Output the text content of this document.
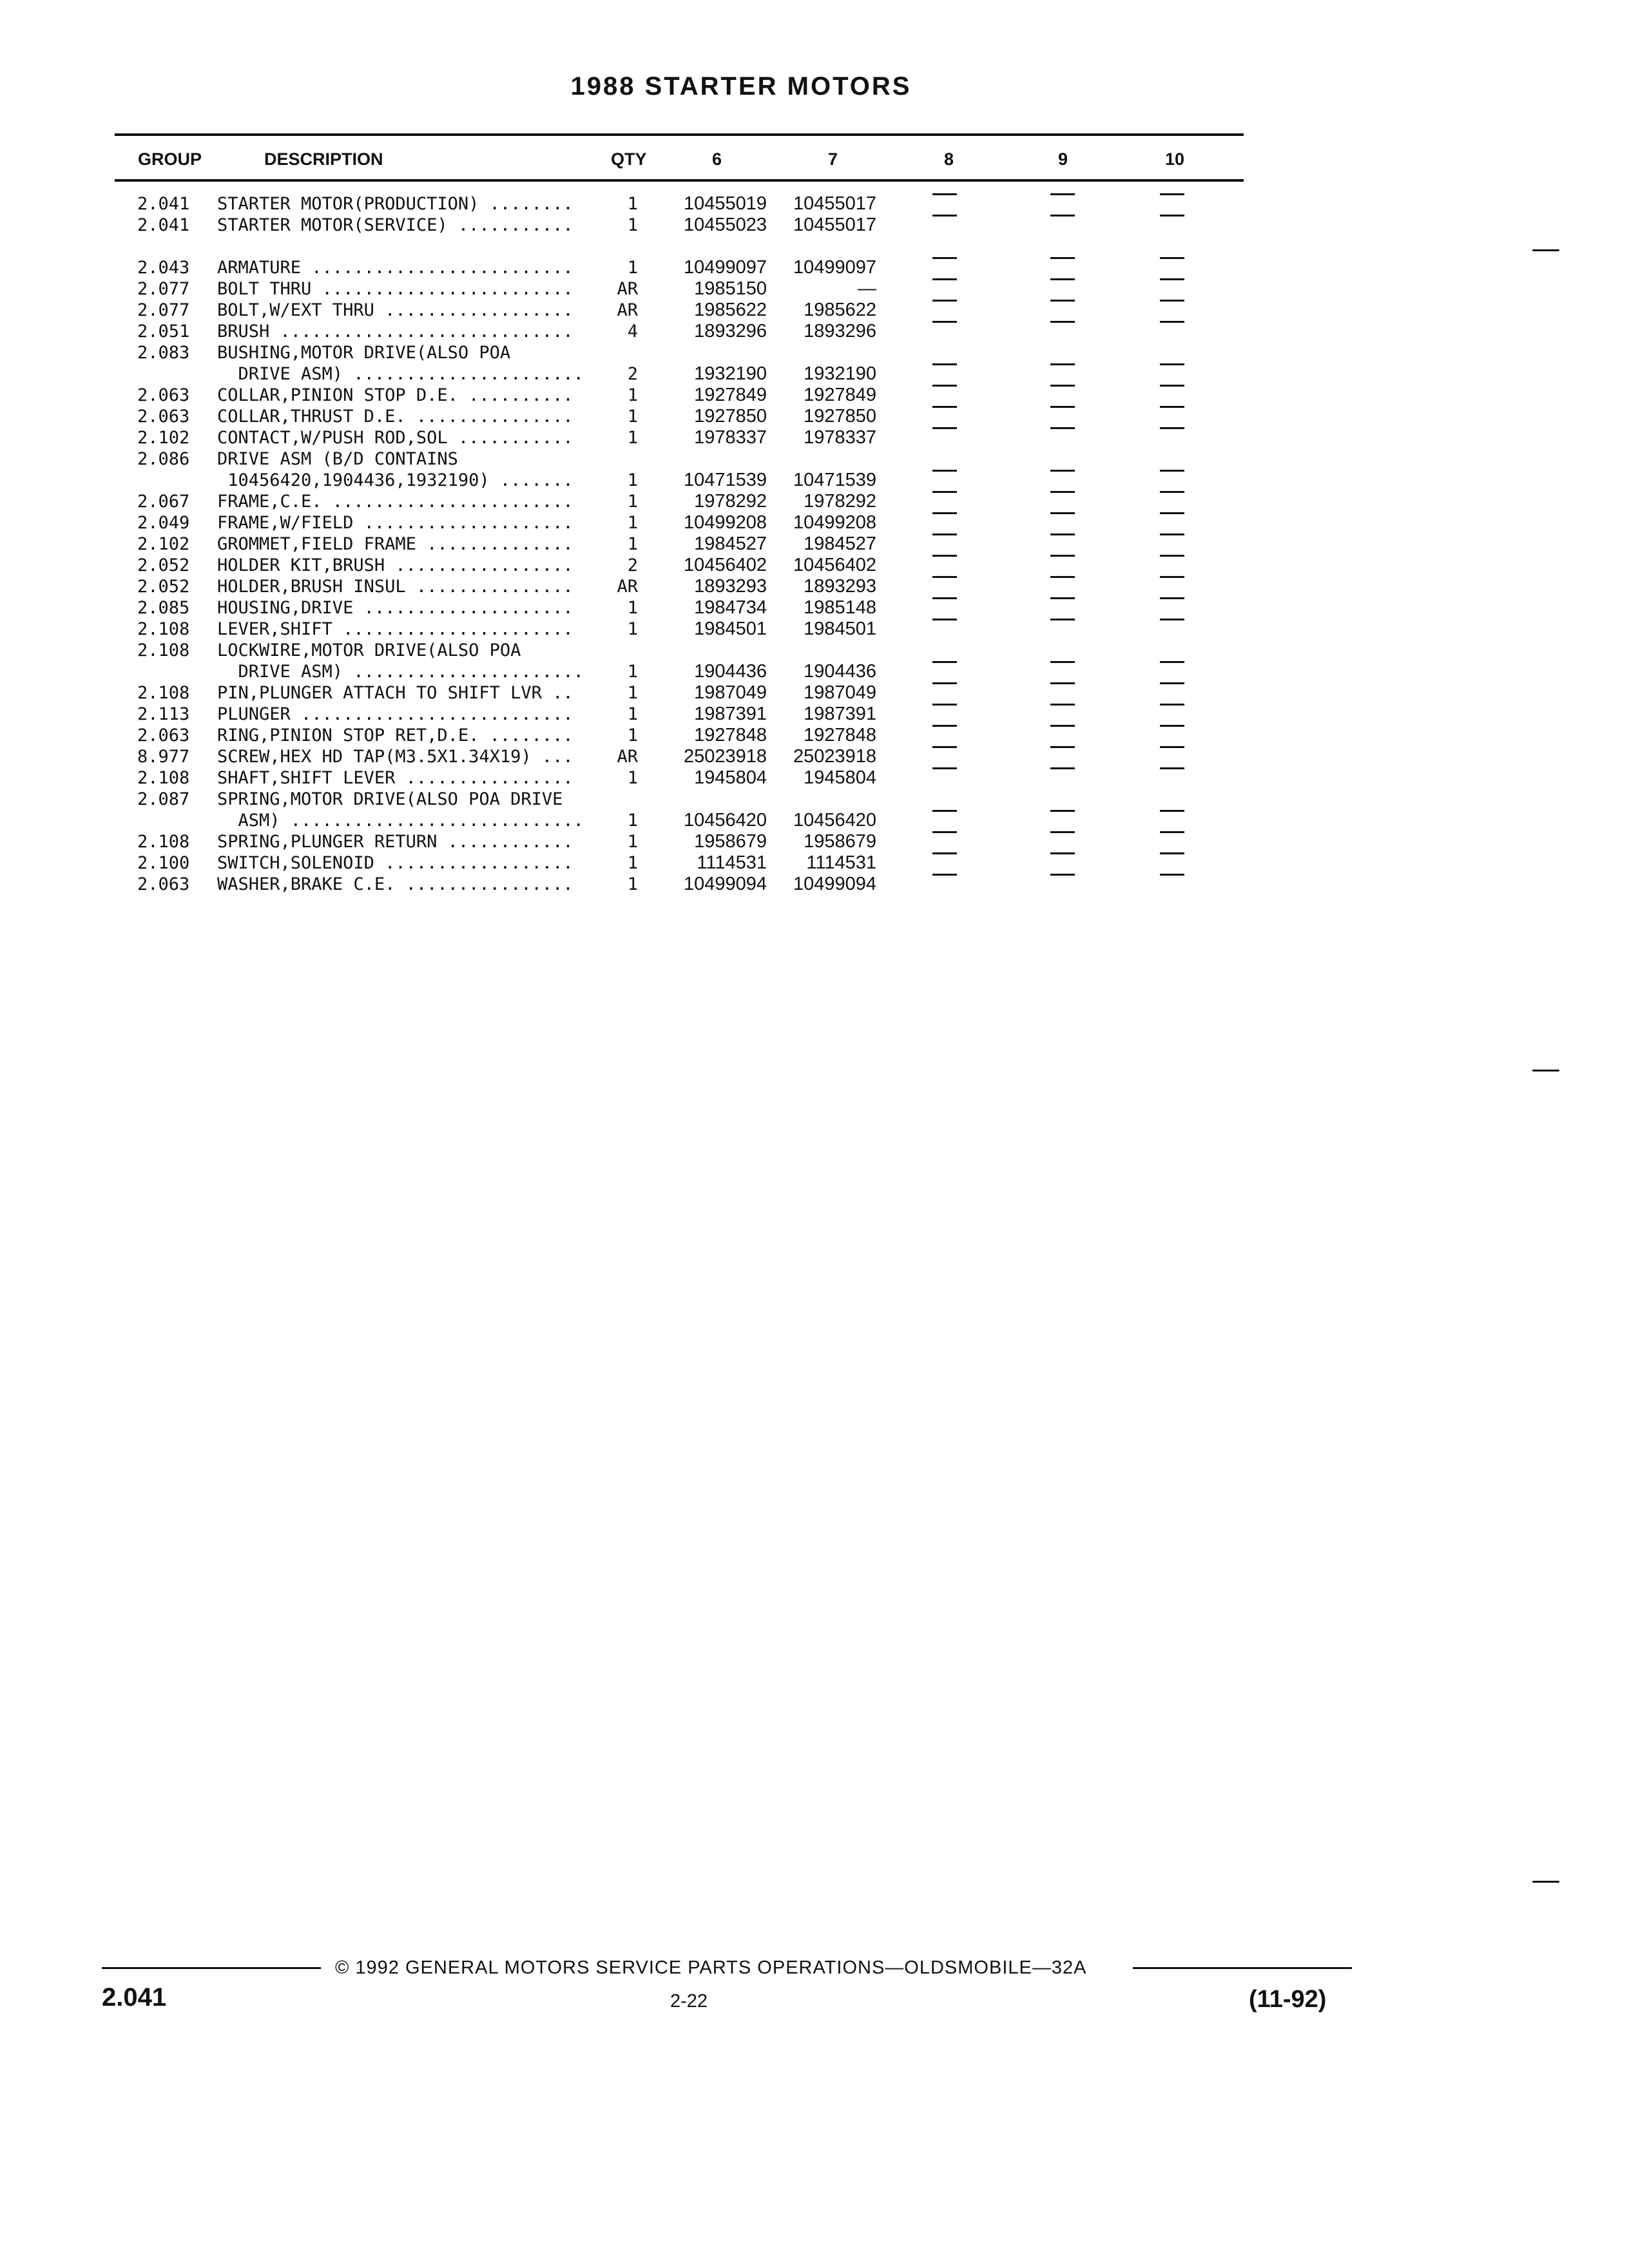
1988 STARTER MOTORS
GROUP	DESCRIPTION	QTY	6	7	8	9	10
2.041 STARTER MOTOR(PRODUCTION) ........	1	10455019	10455017
2.041 STARTER MOTOR(SERVICE) ...........	1	10455023	10455017
2.043 ARMATURE .........................	1	10499097	10499097
2.077 BOLT THRU ........................	AR	1985150	—
2.077 BOLT,W/EXT THRU ..................	AR	1985622	1985622
2.051 BRUSH ............................	4	1893296	1893296
2.083 BUSHING,MOTOR DRIVE(ALSO POA
DRIVE ASM) ......................	2	1932190	1932190
2.063 COLLAR,PINION STOP D.E. ..........	1	1927849	1927849
2.063 COLLAR,THRUST D.E. ...............	1	1927850	1927850
2.102 CONTACT,W/PUSH ROD,SOL ...........	1	1978337	1978337
2.086 DRIVE ASM (B/D CONTAINS
10456420,1904436,1932190) .......	1	10471539	10471539
2.067 FRAME,C.E. .......................	1	1978292	1978292
2.049 FRAME,W/FIELD ....................	1	10499208	10499208
2.102 GROMMET,FIELD FRAME ..............	1	1984527	1984527
2.052 HOLDER KIT,BRUSH .................	2	10456402	10456402
2.052 HOLDER,BRUSH INSUL ...............	AR	1893293	1893293
2.085 HOUSING,DRIVE ....................	1	1984734	1985148
2.108 LEVER,SHIFT ......................	1	1984501	1984501
2.108 LOCKWIRE,MOTOR DRIVE(ALSO POA
DRIVE ASM) ......................	1	1904436	1904436
2.108 PIN,PLUNGER ATTACH TO SHIFT LVR ..	1	1987049	1987049
2.113 PLUNGER ..........................	1	1987391	1987391
2.063 RING,PINION STOP RET,D.E. ........	1	1927848	1927848
8.977 SCREW,HEX HD TAP(M3.5X1.34X19) ...	AR	25023918	25023918
2.108 SHAFT,SHIFT LEVER ................	1	1945804	1945804
2.087 SPRING,MOTOR DRIVE(ALSO POA DRIVE
ASM) ............................	1	10456420	10456420
2.108 SPRING,PLUNGER RETURN ............	1	1958679	1958679
2.100 SWITCH,SOLENOID ..................	1	1114531	1114531
2.063 WASHER,BRAKE C.E. ................	1	10499094	10499094
© 1992 GENERAL MOTORS SERVICE PARTS OPERATIONS—OLDSMOBILE—32A
2.041	2-22	(11-92)
